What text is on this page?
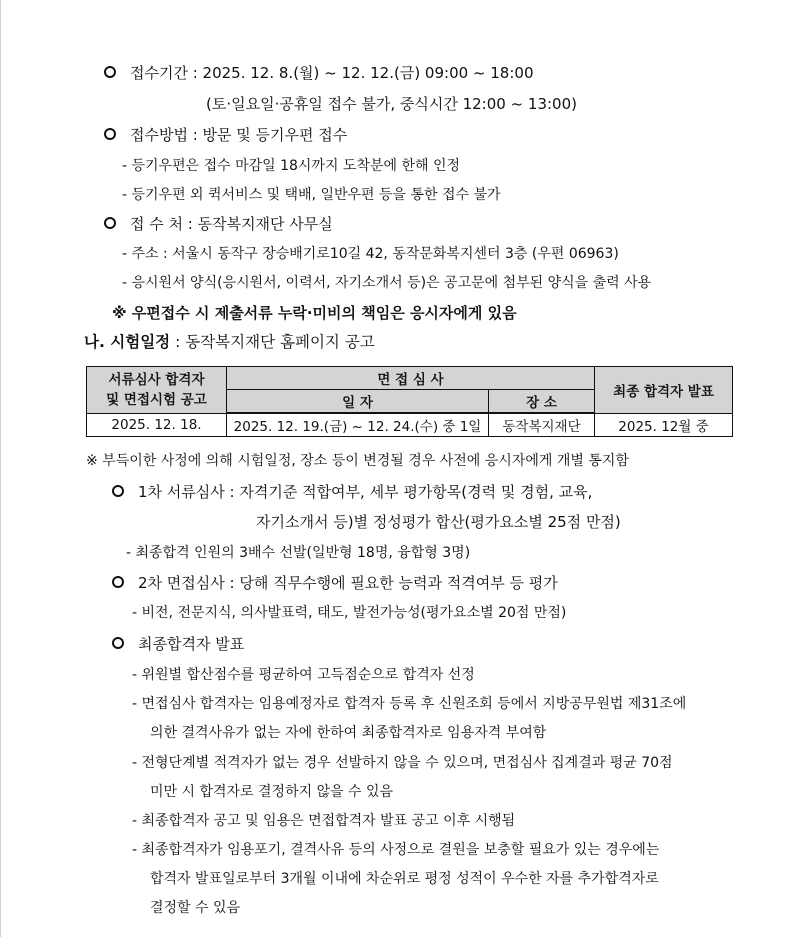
접수기간 : 2025. 12. 8.(월) ~ 12. 12.(금) 09:00 ~ 18:00
(토·일요일·공휴일 접수 불가, 중식시간 12:00 ~ 13:00)
접수방법 : 방문 및 등기우편 접수
- 등기우편은 접수 마감일 18시까지 도착분에 한해 인정
- 등기우편 외 퀵서비스 및 택배, 일반우편 등을 통한 접수 불가
접 수 처 : 동작복지재단 사무실
- 주소 : 서울시 동작구 장승배기로10길 42, 동작문화복지센터 3층 (우편 06963)
- 응시원서 양식(응시원서, 이력서, 자기소개서 등)은 공고문에 첨부된 양식을 출력 사용
※ 우편접수 시 제출서류 누락·미비의 책임은 응시자에게 있음
나. 시험일정 : 동작복지재단 홈페이지 공고
서류심사 합격자
및 면접시험 공고	면 접 심 사		최종 합격자 발표
	일 자	장 소	
2025. 12. 18.	2025. 12. 19.(금) ~ 12. 24.(수) 중 1일	동작복지재단	2025. 12월 중
※ 부득이한 사정에 의해 시험일정, 장소 등이 변경될 경우 사전에 응시자에게 개별 통지함
1차 서류심사 : 자격기준 적합여부, 세부 평가항목(경력 및 경험, 교육,
자기소개서 등)별 정성평가 합산(평가요소별 25점 만점)
- 최종합격 인원의 3배수 선발(일반형 18명, 융합형 3명)
2차 면접심사 : 당해 직무수행에 필요한 능력과 적격여부 등 평가
- 비전, 전문지식, 의사발표력, 태도, 발전가능성(평가요소별 20점 만점)
최종합격자 발표
- 위원별 합산점수를 평균하여 고득점순으로 합격자 선정
- 면접심사 합격자는 임용예정자로 합격자 등록 후 신원조회 등에서 지방공무원법 제31조에
의한 결격사유가 없는 자에 한하여 최종합격자로 임용자격 부여함
- 전형단계별 적격자가 없는 경우 선발하지 않을 수 있으며, 면접심사 집계결과 평균 70점
미만 시 합격자로 결정하지 않을 수 있음
- 최종합격자 공고 및 임용은 면접합격자 발표 공고 이후 시행됨
- 최종합격자가 임용포기, 결격사유 등의 사정으로 결원을 보충할 필요가 있는 경우에는
합격자 발표일로부터 3개월 이내에 차순위로 평정 성적이 우수한 자를 추가합격자로
결정할 수 있음
